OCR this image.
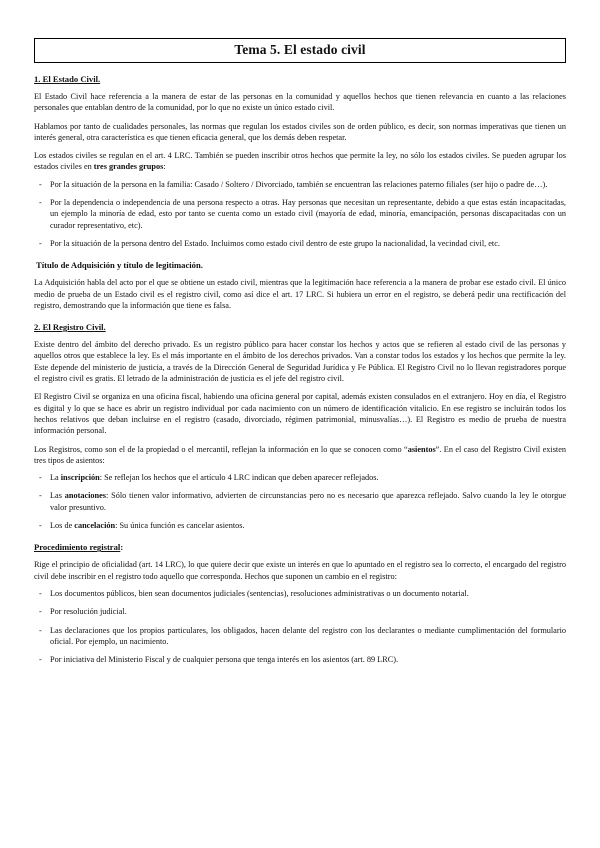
Tema 5. El estado civil
1. El Estado Civil.

El Estado Civil hace referencia a la manera de estar de las personas en la comunidad y aquellos hechos que tienen relevancia en cuanto a las relaciones personales que entablan dentro de la comunidad, por lo que no existe un único estado civil.

Hablamos por tanto de cualidades personales, las normas que regulan los estados civiles son de orden público, es decir, son normas imperativas que tienen un interés general, otra característica es que tienen eficacia general, que los demás deben respetar.

Los estados civiles se regulan en el art. 4 LRC. También se pueden inscribir otros hechos que permite la ley, no sólo los estados civiles. Se pueden agrupar los estados civiles en tres grandes grupos:

- Por la situación de la persona en la familia: Casado / Soltero / Divorciado, también se encuentran las relaciones paterno filiales (ser hijo o padre de…).
- Por la dependencia o independencia de una persona respecto a otras. Hay personas que necesitan un representante, debido a que estas están incapacitadas, un ejemplo la minoría de edad, esto por tanto se cuenta como un estado civil (mayoría de edad, minoría, emancipación, personas discapacitadas con un curador representativo, etc).
- Por la situación de la persona dentro del Estado. Incluimos como estado civil dentro de este grupo la nacionalidad, la vecindad civil, etc.
Título de Adquisición y título de legitimación.

La Adquisición habla del acto por el que se obtiene un estado civil, mientras que la legitimación hace referencia a la manera de probar ese estado civil. El único medio de prueba de un Estado civil es el registro civil, como así dice el art. 17 LRC. Si hubiera un error en el registro, se deberá pedir una rectificación del registro, demostrando que la información que tiene es falsa.

2. El Registro Civil.

Existe dentro del ámbito del derecho privado. Es un registro público para hacer constar los hechos y actos que se refieren al estado civil de las personas y aquellos otros que establece la ley. Es el más importante en el ámbito de los derechos privados. Van a constar todos los estados y los hechos que permite la ley. Este depende del ministerio de justicia, a través de la Dirección General de Seguridad Jurídica y Fe Pública. El Registro Civil no lo llevan registradores porque el registro civil es gratis. El letrado de la administración de justicia es el jefe del registro civil.

El Registro Civil se organiza en una oficina fiscal, habiendo una oficina general por capital, además existen consulados en el extranjero. Hoy en día, el Registro es digital y lo que se hace es abrir un registro individual por cada nacimiento con un número de identificación vitalicio. En ese registro se incluirán todos los hechos relativos que deban incluirse en el registro (casado, divorciado, régimen patrimonial, minusvalías…). El Registro es medio de prueba de nuestra información personal.

Los Registros, como son el de la propiedad o el mercantil, reflejan la información en lo que se conocen como “asientos”. En el caso del Registro Civil existen tres tipos de asientos:

- La inscripción: Se reflejan los hechos que el artículo 4 LRC indican que deben aparecer reflejados.
- Las anotaciones: Sólo tienen valor informativo, advierten de circunstancias pero no es necesario que aparezca reflejado. Salvo cuando la ley le otorgue valor presuntivo.
- Los de cancelación: Su única función es cancelar asientos.
Procedimiento registral:

Rige el principio de oficialidad (art. 14 LRC), lo que quiere decir que existe un interés en que lo apuntado en el registro sea lo correcto, el encargado del registro civil debe inscribir en el registro todo aquello que corresponda. Hechos que suponen un cambio en el registro:

- Los documentos públicos, bien sean documentos judiciales (sentencias), resoluciones administrativas o un documento notarial.
- Por resolución judicial.
- Las declaraciones que los propios particulares, los obligados, hacen delante del registro con los declarantes o mediante cumplimentación del formulario oficial. Por ejemplo, un nacimiento.
- Por iniciativa del Ministerio Fiscal y de cualquier persona que tenga interés en los asientos (art. 89 LRC).
